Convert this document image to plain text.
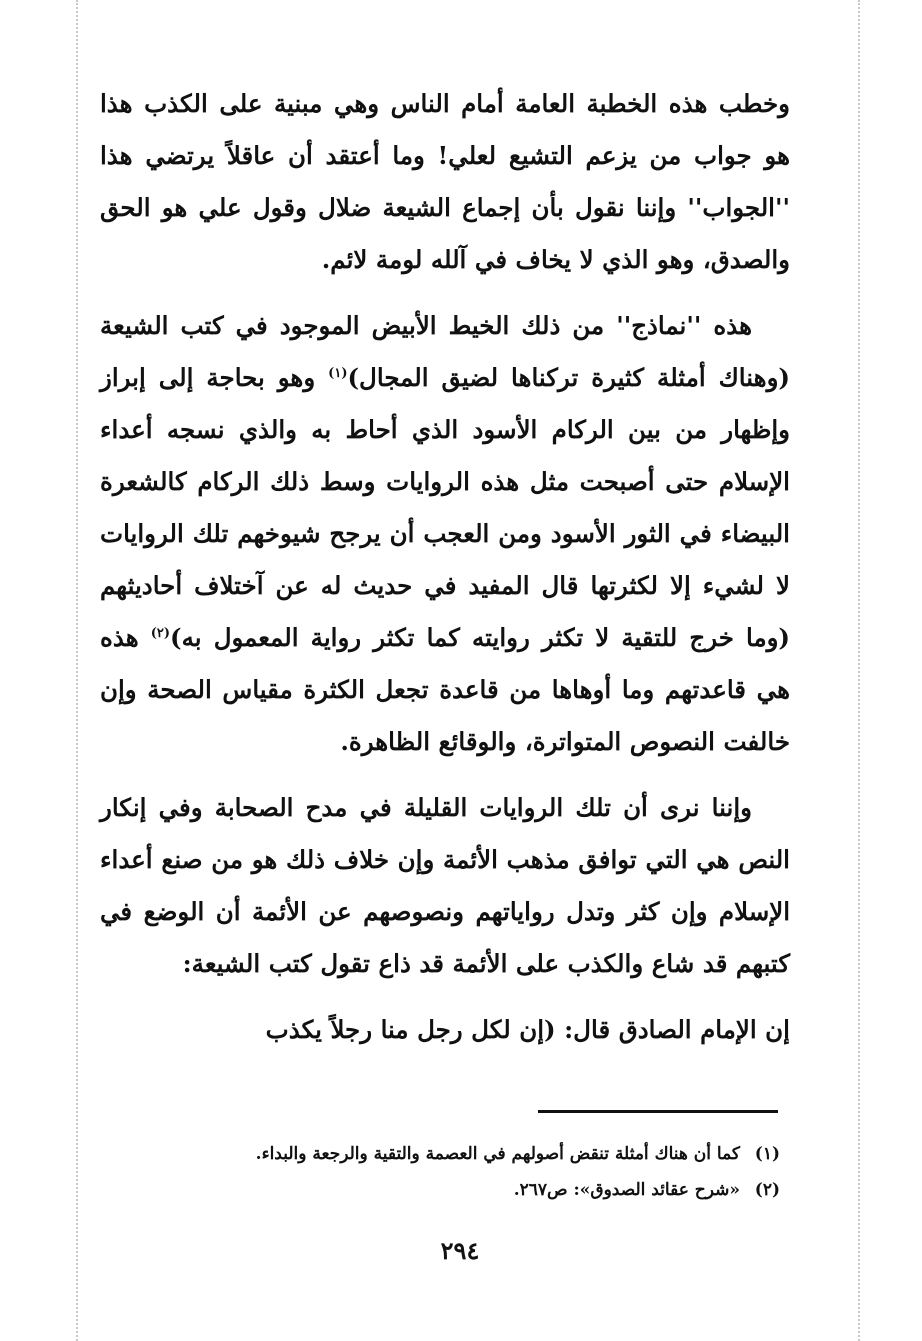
وخطب هذه الخطبة العامة أمام الناس وهي مبنية على الكذب هذا هو جواب من يزعم التشيع لعلي! وما أعتقد أن عاقلاً يرتضي هذا ''الجواب'' وإننا نقول بأن إجماع الشيعة ضلال وقول علي هو الحق والصدق، وهو الذي لا يخاف في آلله لومة لائم.

هذه ''نماذج'' من ذلك الخيط الأبيض الموجود في كتب الشيعة (وهناك أمثلة كثيرة تركناها لضيق المجال)$^{(١)}$ وهو بحاجة إلى إبراز وإظهار من بين الركام الأسود الذي أحاط به والذي نسجه أعداء الإسلام حتى أصبحت مثل هذه الروايات وسط ذلك الركام كالشعرة البيضاء في الثور الأسود ومن العجب أن يرجح شيوخهم تلك الروايات لا لشيء إلا لكثرتها قال المفيد في حديث له عن آختلاف أحاديثهم (وما خرج للتقية لا تكثر روايته كما تكثر رواية المعمول به)$^{(٢)}$ هذه هي قاعدتهم وما أوهاها من قاعدة تجعل الكثرة مقياس الصحة وإن خالفت النصوص المتواترة، والوقائع الظاهرة.

وإننا نرى أن تلك الروايات القليلة في مدح الصحابة وفي إنكار النص هي التي توافق مذهب الأئمة وإن خلاف ذلك هو من صنع أعداء الإسلام وإن كثر وتدل رواياتهم ونصوصهم عن الأئمة أن الوضع في كتبهم قد شاع والكذب على الأئمة قد ذاع تقول كتب الشيعة:

إن الإمام الصادق قال: (إن لكل رجل منا رجلاً يكذب

(١)كما أن هناك أمثلة تنقض أصولهم في العصمة والتقية والرجعة والبداء.
(٢)«شرح عقائد الصدوق»: ص٢٦٧.
٢٩٤
